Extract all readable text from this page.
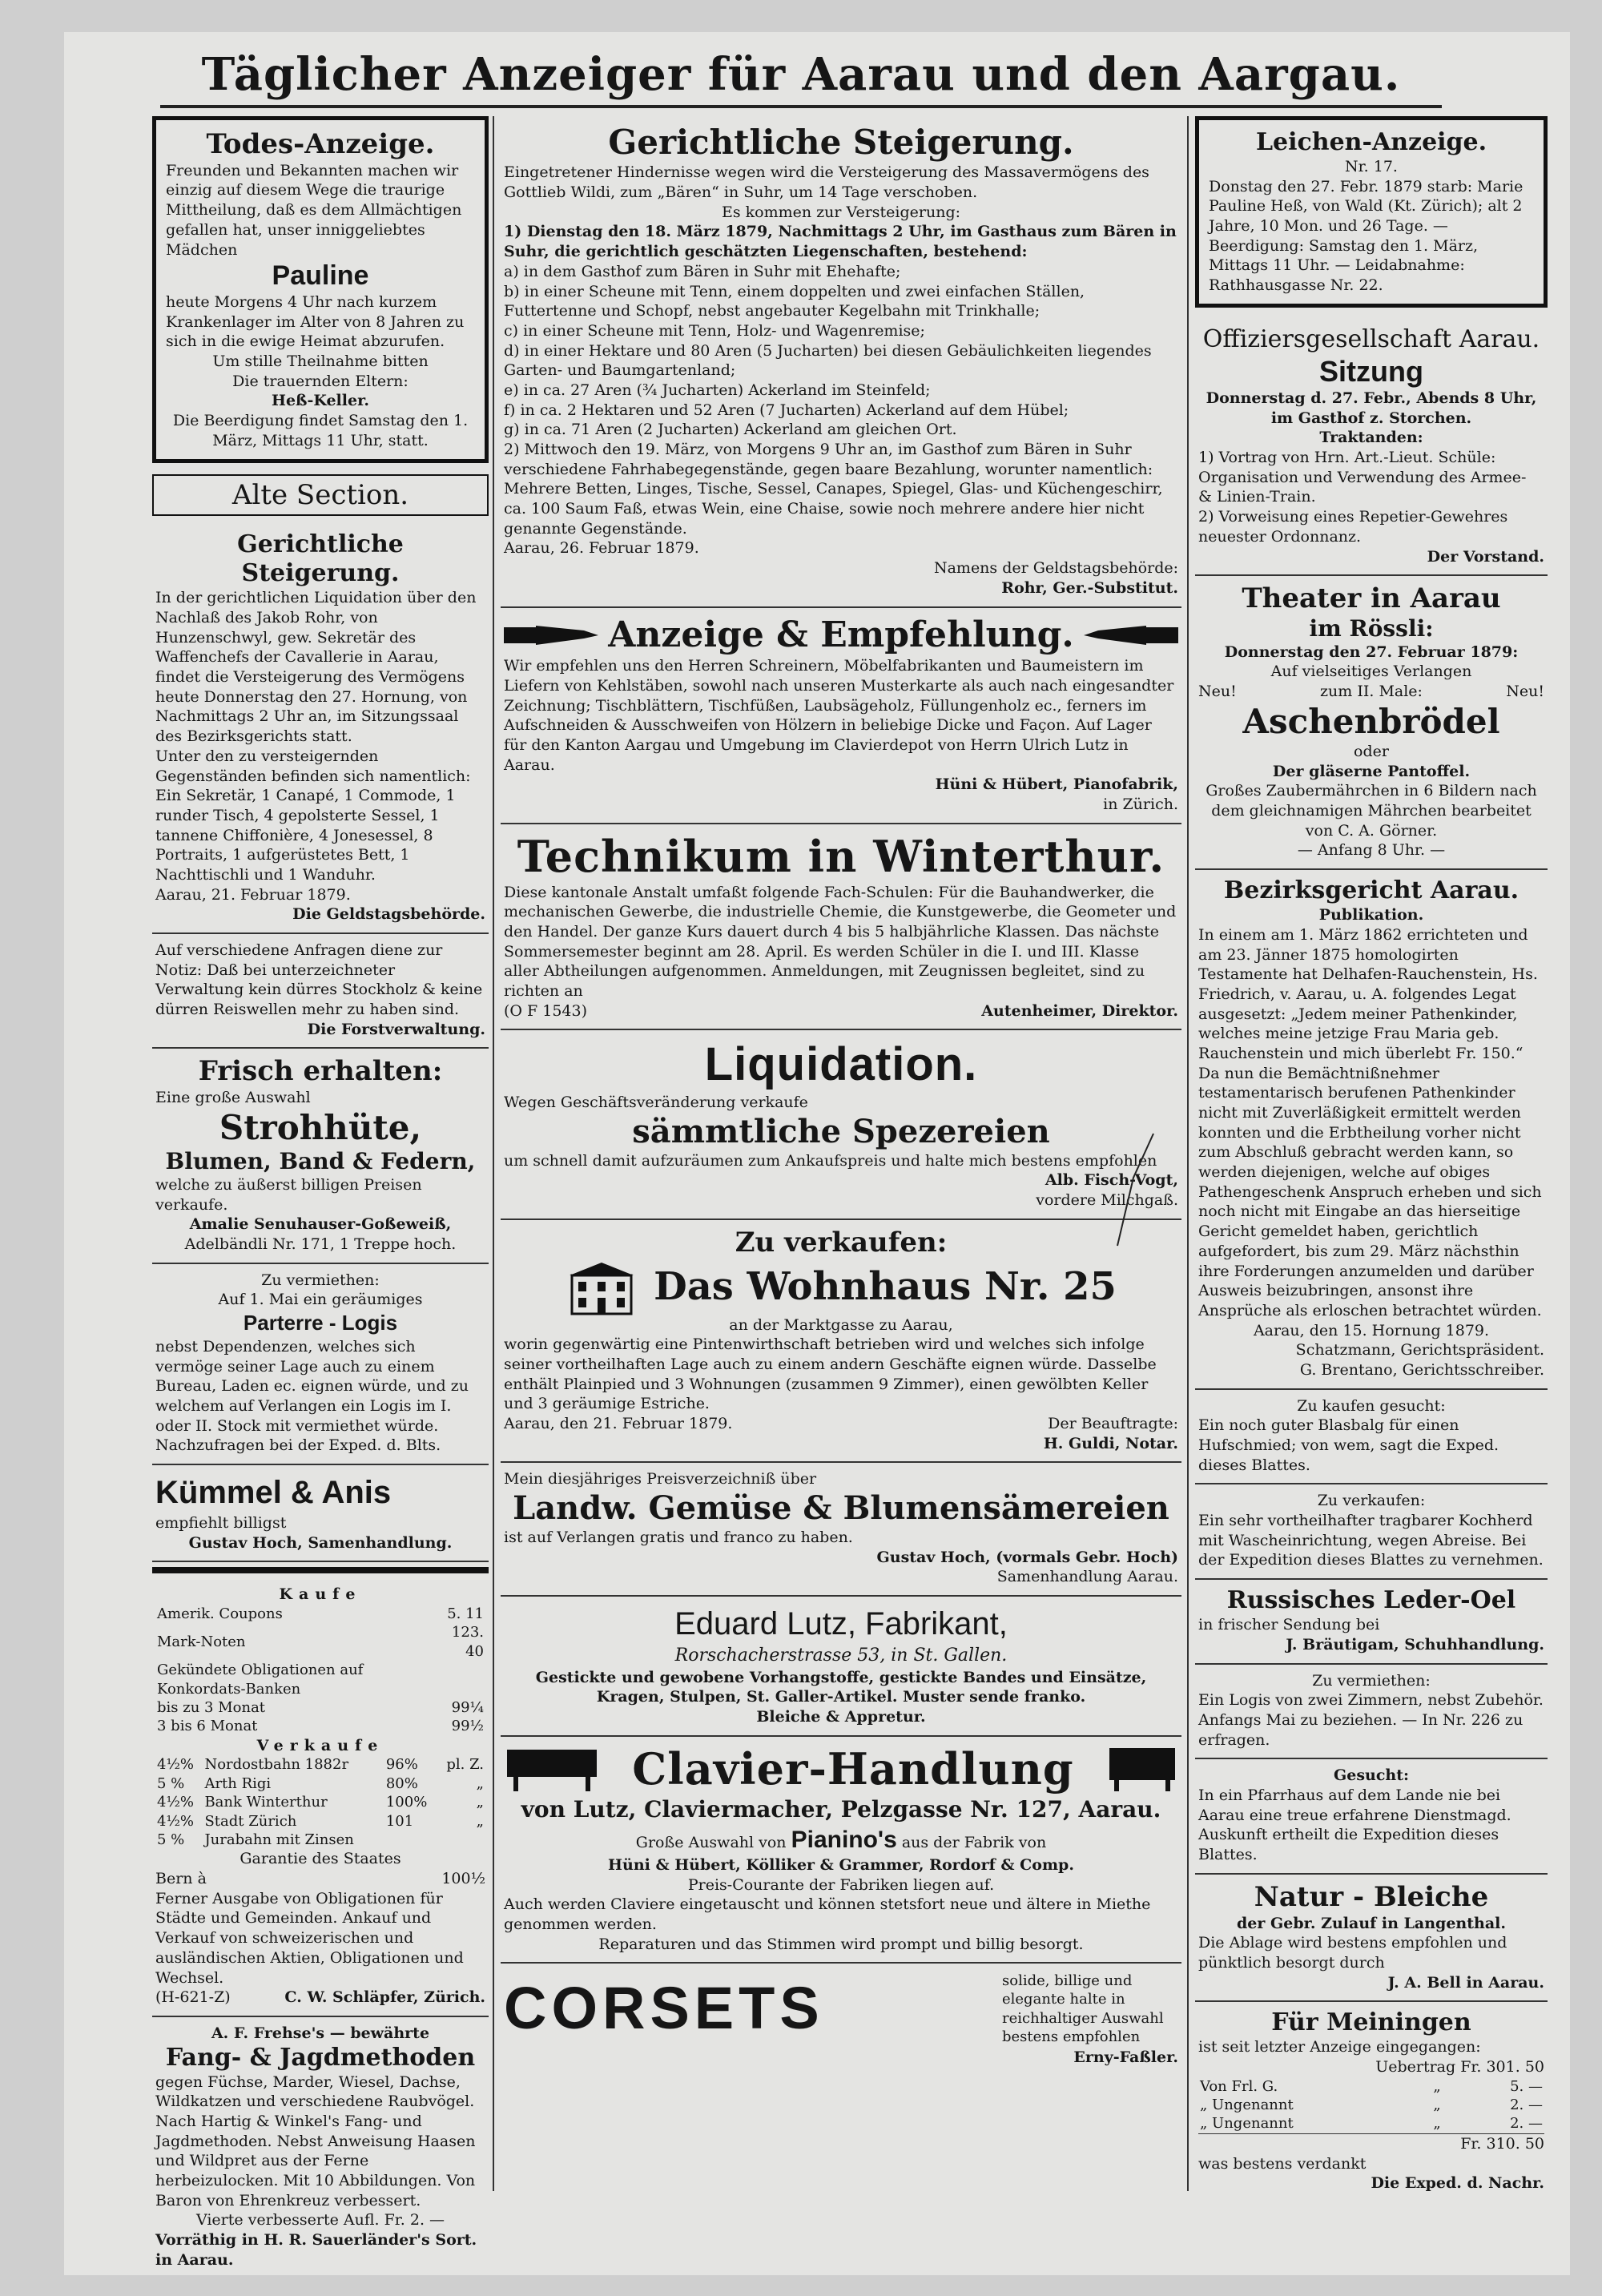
Täglicher Anzeiger für Aarau und den Aargau.
Todes-Anzeige.

Freunden und Bekannten machen wir einzig auf diesem Wege die traurige Mittheilung, daß es dem Allmächtigen gefallen hat, unser inniggeliebtes Mädchen

Pauline

heute Morgens 4 Uhr nach kurzem Krankenlager im Alter von 8 Jahren zu sich in die ewige Heimat abzurufen.

Um stille Theilnahme bitten

Die trauernden Eltern:

Heß-Keller.

Die Beerdigung findet Samstag den 1. März, Mittags 11 Uhr, statt.

Alte Section.
Gerichtliche Steigerung.

In der gerichtlichen Liquidation über den Nachlaß des Jakob Rohr, von Hunzenschwyl, gew. Sekretär des Waffenchefs der Cavallerie in Aarau, findet die Versteigerung des Vermögens heute Donnerstag den 27. Hornung, von Nachmittags 2 Uhr an, im Sitzungssaal des Bezirksgerichts statt.

Unter den zu versteigernden Gegenständen befinden sich namentlich: Ein Sekretär, 1 Canapé, 1 Commode, 1 runder Tisch, 4 gepolsterte Sessel, 1 tannene Chiffonière, 4 Jonesessel, 8 Portraits, 1 aufgerüstetes Bett, 1 Nachttischli und 1 Wanduhr.

Aarau, 21. Februar 1879.

Die Geldstagsbehörde.

Auf verschiedene Anfragen diene zur Notiz: Daß bei unterzeichneter Verwaltung kein dürres Stockholz & keine dürren Reiswellen mehr zu haben sind.

Die Forstverwaltung.

Frisch erhalten:

Eine große Auswahl

Strohhüte,
Blumen, Band & Federn,

welche zu äußerst billigen Preisen verkaufe.

Amalie Senuhauser-Goßeweiß,

Adelbändli Nr. 171, 1 Treppe hoch.

Zu vermiethen:

Auf 1. Mai ein geräumiges

Parterre - Logis

nebst Dependenzen, welches sich vermöge seiner Lage auch zu einem Bureau, Laden ec. eignen würde, und zu welchem auf Verlangen ein Logis im I. oder II. Stock mit vermiethet würde.

Nachzufragen bei der Exped. d. Blts.

Kümmel & Anis

empfiehlt billigst

Gustav Hoch, Samenhandlung.

Kaufe
Amerik. Coupons	5. 11
Mark-Noten	123. 40
Gekündete Obligationen auf Konkordats-Banken	
bis zu 3 Monat	99¼
3 bis 6 Monat	99½
Verkaufe
4½%	Nordostbahn 1882r	96%	pl. Z.
5 %	Arth Rigi	80%	„
4½%	Bank Winterthur	100%	„
4½%	Stadt Zürich	101	„
5 %	Jurabahn mit Zinsen		

Garantie des Staates

Bern à	100½

Ferner Ausgabe von Obligationen für Städte und Gemeinden. Ankauf und Verkauf von schweizerischen und ausländischen Aktien, Obligationen und Wechsel.

(H-621-Z)	C. W. Schläpfer, Zürich.

A. F. Frehse's — bewährte

Fang- & Jagdmethoden

gegen Füchse, Marder, Wiesel, Dachse, Wildkatzen und verschiedene Raubvögel. Nach Hartig & Winkel's Fang- und Jagdmethoden. Nebst Anweisung Haasen und Wildpret aus der Ferne herbeizulocken. Mit 10 Abbildungen. Von Baron von Ehrenkreuz verbessert.

Vierte verbesserte Aufl. Fr. 2. —

Vorräthig in H. R. Sauerländer's Sort. in Aarau.

Gerichtliche Steigerung.

Eingetretener Hindernisse wegen wird die Versteigerung des Massavermögens des Gottlieb Wildi, zum „Bären“ in Suhr, um 14 Tage verschoben.

Es kommen zur Versteigerung:

1) Dienstag den 18. März 1879, Nachmittags 2 Uhr, im Gasthaus zum Bären in Suhr, die gerichtlich geschätzten Liegenschaften, bestehend:

a) in dem Gasthof zum Bären in Suhr mit Ehehafte;

b) in einer Scheune mit Tenn, einem doppelten und zwei einfachen Ställen, Futtertenne und Schopf, nebst angebauter Kegelbahn mit Trinkhalle;

c) in einer Scheune mit Tenn, Holz- und Wagenremise;

d) in einer Hektare und 80 Aren (5 Jucharten) bei diesen Gebäulichkeiten liegendes Garten- und Baumgartenland;

e) in ca. 27 Aren (¾ Jucharten) Ackerland im Steinfeld;

f) in ca. 2 Hektaren und 52 Aren (7 Jucharten) Ackerland auf dem Hübel;

g) in ca. 71 Aren (2 Jucharten) Ackerland am gleichen Ort.

2) Mittwoch den 19. März, von Morgens 9 Uhr an, im Gasthof zum Bären in Suhr verschiedene Fahrhabegegenstände, gegen baare Bezahlung, worunter namentlich: Mehrere Betten, Linges, Tische, Sessel, Canapes, Spiegel, Glas- und Küchengeschirr, ca. 100 Saum Faß, etwas Wein, eine Chaise, sowie noch mehrere andere hier nicht genannte Gegenstände.

Aarau, 26. Februar 1879.

Namens der Geldstagsbehörde:

Rohr, Ger.-Substitut.

Anzeige & Empfehlung.

Wir empfehlen uns den Herren Schreinern, Möbelfabrikanten und Baumeistern im Liefern von Kehlstäben, sowohl nach unseren Musterkarte als auch nach eingesandter Zeichnung; Tischblättern, Tischfüßen, Laubsägeholz, Füllungenholz ec., ferners im Aufschneiden & Ausschweifen von Hölzern in beliebige Dicke und Façon. Auf Lager für den Kanton Aargau und Umgebung im Clavierdepot von Herrn Ulrich Lutz in Aarau.

Hüni & Hübert, Pianofabrik,

in Zürich.

Technikum in Winterthur.

Diese kantonale Anstalt umfaßt folgende Fach-Schulen: Für die Bauhandwerker, die mechanischen Gewerbe, die industrielle Chemie, die Kunstgewerbe, die Geometer und den Handel. Der ganze Kurs dauert durch 4 bis 5 halbjährliche Klassen. Das nächste Sommersemester beginnt am 28. April. Es werden Schüler in die I. und III. Klasse aller Abtheilungen aufgenommen. Anmeldungen, mit Zeugnissen begleitet, sind zu richten an

(O F 1543)	Autenheimer, Direktor.
Liquidation.

Wegen Geschäftsveränderung verkaufe

sämmtliche Spezereien

um schnell damit aufzuräumen zum Ankaufspreis und halte mich bestens empfohlen

Alb. Fisch-Vogt,

vordere Milchgaß.

Zu verkaufen:
Das Wohnhaus Nr. 25

an der Marktgasse zu Aarau,

worin gegenwärtig eine Pintenwirthschaft betrieben wird und welches sich infolge seiner vortheilhaften Lage auch zu einem andern Geschäfte eignen würde. Dasselbe enthält Plainpied und 3 Wohnungen (zusammen 9 Zimmer), einen gewölbten Keller und 3 geräumige Estriche.

Aarau, den 21. Februar 1879.	Der Beauftragte:

H. Guldi, Notar.

Mein diesjähriges Preisverzeichniß über

Landw. Gemüse & Blumensämereien

ist auf Verlangen gratis und franco zu haben.

Gustav Hoch, (vormals Gebr. Hoch)

Samenhandlung Aarau.

Eduard Lutz, Fabrikant,

Rorschacherstrasse 53, in St. Gallen.

Gestickte und gewobene Vorhangstoffe, gestickte Bandes und Einsätze, Kragen, Stulpen, St. Galler-Artikel. Muster sende franko.

Bleiche & Appretur.

Clavier-Handlung
von Lutz, Claviermacher, Pelzgasse Nr. 127, Aarau.
Große Auswahl von Pianino's aus der Fabrik von

Hüni & Hübert, Kölliker & Grammer, Rordorf & Comp.

Preis-Courante der Fabriken liegen auf.

Auch werden Claviere eingetauscht und können stetsfort neue und ältere in Miethe genommen werden.

Reparaturen und das Stimmen wird prompt und billig besorgt.

CORSETS	solide, billige und elegante halte in reichhaltiger Auswahl bestens empfohlen

Erny-Faßler.

Leichen-Anzeige.

Nr. 17.

Donstag den 27. Febr. 1879 starb: Marie Pauline Heß, von Wald (Kt. Zürich); alt 2 Jahre, 10 Mon. und 26 Tage. — Beerdigung: Samstag den 1. März, Mittags 11 Uhr. — Leidabnahme: Rathhausgasse Nr. 22.

Offiziersgesellschaft Aarau.
Sitzung

Donnerstag d. 27. Febr., Abends 8 Uhr, im Gasthof z. Storchen.

Traktanden:

1) Vortrag von Hrn. Art.-Lieut. Schüle: Organisation und Verwendung des Armee- & Linien-Train.

2) Vorweisung eines Repetier-Gewehres neuester Ordonnanz.

Der Vorstand.

Theater in Aarau
im Rössli:

Donnerstag den 27. Februar 1879:

Auf vielseitiges Verlangen

Neu!	zum II. Male:	Neu!
Aschenbrödel

oder

Der gläserne Pantoffel.

Großes Zaubermährchen in 6 Bildern nach dem gleichnamigen Mährchen bearbeitet von C. A. Görner.

— Anfang 8 Uhr. —

Bezirksgericht Aarau.

Publikation.

In einem am 1. März 1862 errichteten und am 23. Jänner 1875 homologirten Testamente hat Delhafen-Rauchenstein, Hs. Friedrich, v. Aarau, u. A. folgendes Legat ausgesetzt: „Jedem meiner Pathenkinder, welches meine jetzige Frau Maria geb. Rauchenstein und mich überlebt Fr. 150.“

Da nun die Bemächtnißnehmer testamentarisch berufenen Pathenkinder nicht mit Zuverläßigkeit ermittelt werden konnten und die Erbtheilung vorher nicht zum Abschluß gebracht werden kann, so werden diejenigen, welche auf obiges Pathengeschenk Anspruch erheben und sich noch nicht mit Eingabe an das hierseitige Gericht gemeldet haben, gerichtlich aufgefordert, bis zum 29. März nächsthin ihre Forderungen anzumelden und darüber Ausweis beizubringen, ansonst ihre Ansprüche als erloschen betrachtet würden.

Aarau, den 15. Hornung 1879.

Schatzmann, Gerichtspräsident.

G. Brentano, Gerichtsschreiber.

Zu kaufen gesucht:

Ein noch guter Blasbalg für einen Hufschmied; von wem, sagt die Exped. dieses Blattes.

Zu verkaufen:

Ein sehr vortheilhafter tragbarer Kochherd mit Wascheinrichtung, wegen Abreise. Bei der Expedition dieses Blattes zu vernehmen.

Russisches Leder-Oel

in frischer Sendung bei

J. Bräutigam, Schuhhandlung.

Zu vermiethen:

Ein Logis von zwei Zimmern, nebst Zubehör. Anfangs Mai zu beziehen. — In Nr. 226 zu erfragen.

Gesucht:

In ein Pfarrhaus auf dem Lande nie bei Aarau eine treue erfahrene Dienstmagd. Auskunft ertheilt die Expedition dieses Blattes.

Natur - Bleiche

der Gebr. Zulauf in Langenthal.

Die Ablage wird bestens empfohlen und pünktlich besorgt durch

J. A. Bell in Aarau.

Für Meiningen

ist seit letzter Anzeige eingegangen:

Uebertrag Fr. 301. 50

Von Frl. G.	„	5. —
„ Ungenannt	„	2. —
„ Ungenannt	„	2. —

Fr. 310. 50

was bestens verdankt

Die Exped. d. Nachr.
